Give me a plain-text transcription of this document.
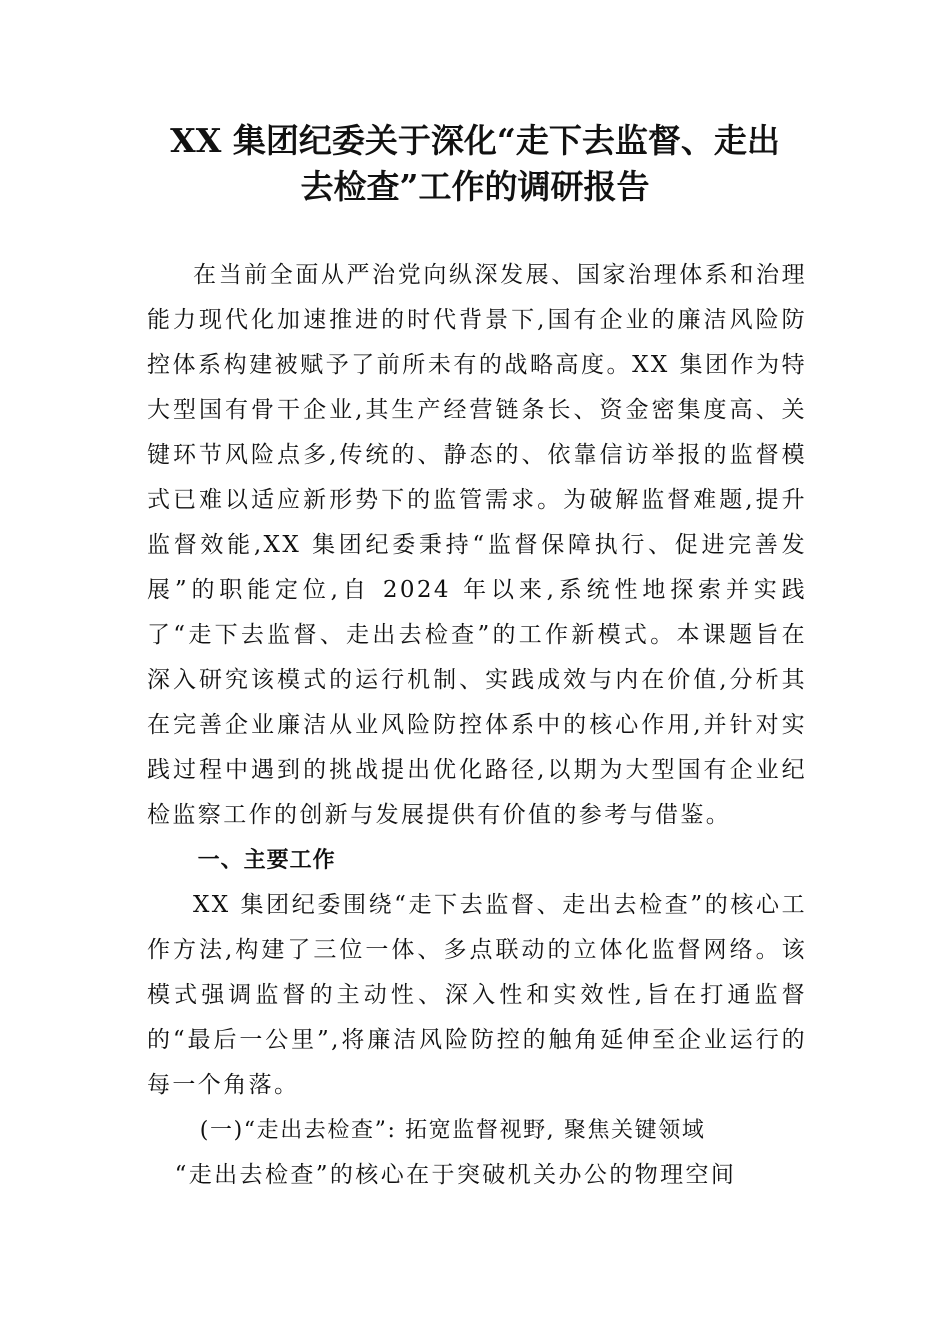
XX 集团纪委关于深化“走下去监督、走出
去检查”工作的调研报告

在当前全面从严治党向纵深发展、国家治理体系和治理能力现代化加速推进的时代背景下,国有企业的廉洁风险防控体系构建被赋予了前所未有的战略高度。XX 集团作为特大型国有骨干企业,其生产经营链条长、资金密集度高、关键环节风险点多,传统的、静态的、依靠信访举报的监督模式已难以适应新形势下的监管需求。为破解监督难题,提升监督效能,XX 集团纪委秉持“监督保障执行、促进完善发展”的职能定位,自 2024 年以来,系统性地探索并实践了“走下去监督、走出去检查”的工作新模式。本课题旨在深入研究该模式的运行机制、实践成效与内在价值,分析其在完善企业廉洁从业风险防控体系中的核心作用,并针对实践过程中遇到的挑战提出优化路径,以期为大型国有企业纪检监察工作的创新与发展提供有价值的参考与借鉴。

一、主要工作

XX 集团纪委围绕“走下去监督、走出去检查”的核心工作方法,构建了三位一体、多点联动的立体化监督网络。该模式强调监督的主动性、深入性和实效性,旨在打通监督的“最后一公里”,将廉洁风险防控的触角延伸至企业运行的每一个角落。

(一)“走出去检查”: 拓宽监督视野, 聚焦关键领域

“走出去检查”的核心在于突破机关办公的物理空间
